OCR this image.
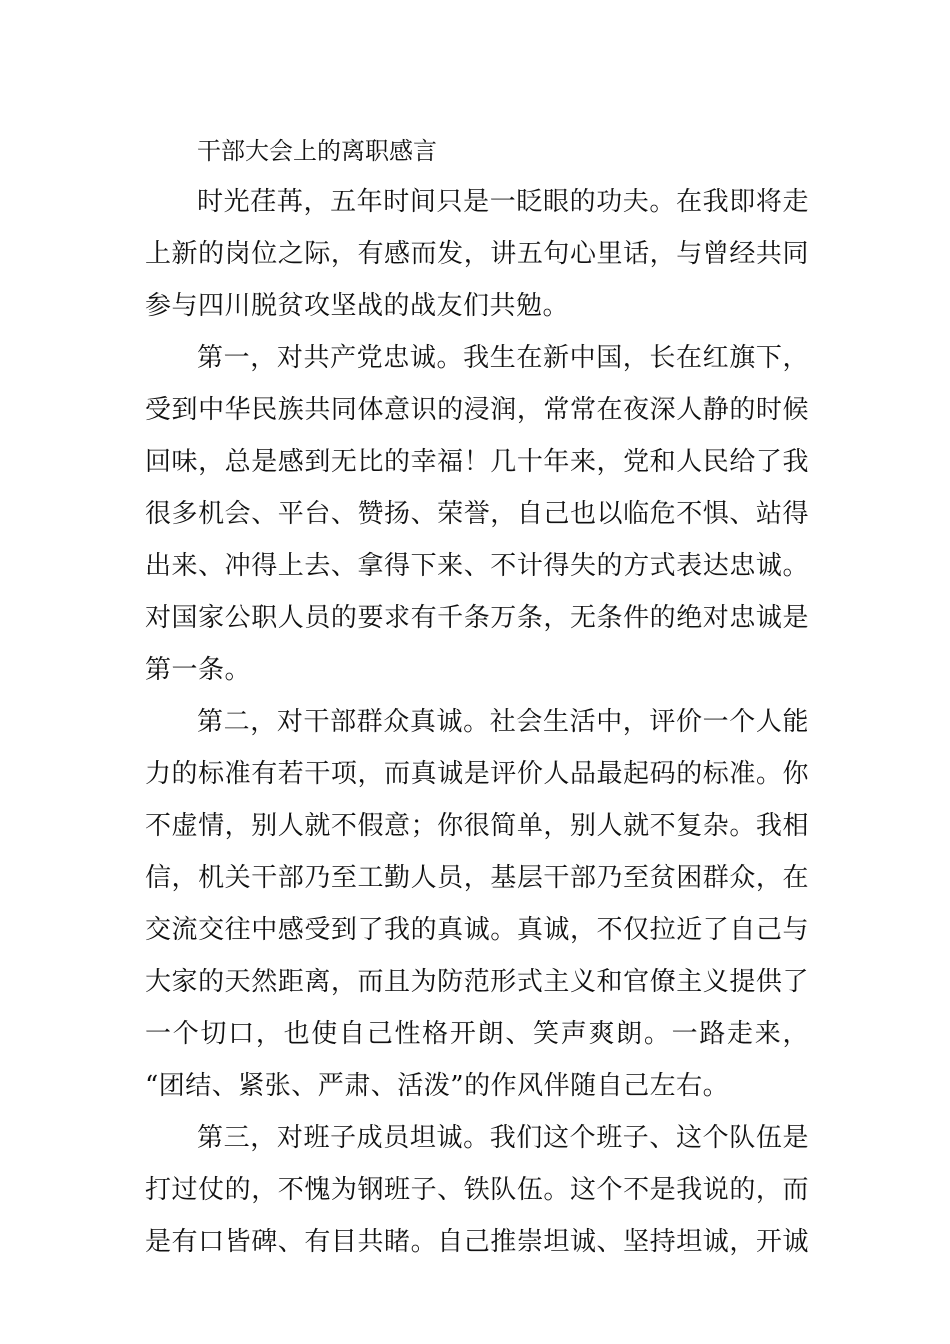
干部大会上的离职感言
时光荏苒，五年时间只是一眨眼的功夫。在我即将走
上新的岗位之际，有感而发，讲五句心里话，与曾经共同
参与四川脱贫攻坚战的战友们共勉。
第一，对共产党忠诚。我生在新中国，长在红旗下，
受到中华民族共同体意识的浸润，常常在夜深人静的时候
回味，总是感到无比的幸福！几十年来，党和人民给了我
很多机会、平台、赞扬、荣誉，自己也以临危不惧、站得
出来、冲得上去、拿得下来、不计得失的方式表达忠诚。
对国家公职人员的要求有千条万条，无条件的绝对忠诚是
第一条。
第二，对干部群众真诚。社会生活中，评价一个人能
力的标准有若干项，而真诚是评价人品最起码的标准。你
不虚情，别人就不假意；你很简单，别人就不复杂。我相
信，机关干部乃至工勤人员，基层干部乃至贫困群众，在
交流交往中感受到了我的真诚。真诚，不仅拉近了自己与
大家的天然距离，而且为防范形式主义和官僚主义提供了
一个切口，也使自己性格开朗、笑声爽朗。一路走来，
“团结、紧张、严肃、活泼”的作风伴随自己左右。
第三，对班子成员坦诚。我们这个班子、这个队伍是
打过仗的，不愧为钢班子、铁队伍。这个不是我说的，而
是有口皆碑、有目共睹。自己推崇坦诚、坚持坦诚，开诚
